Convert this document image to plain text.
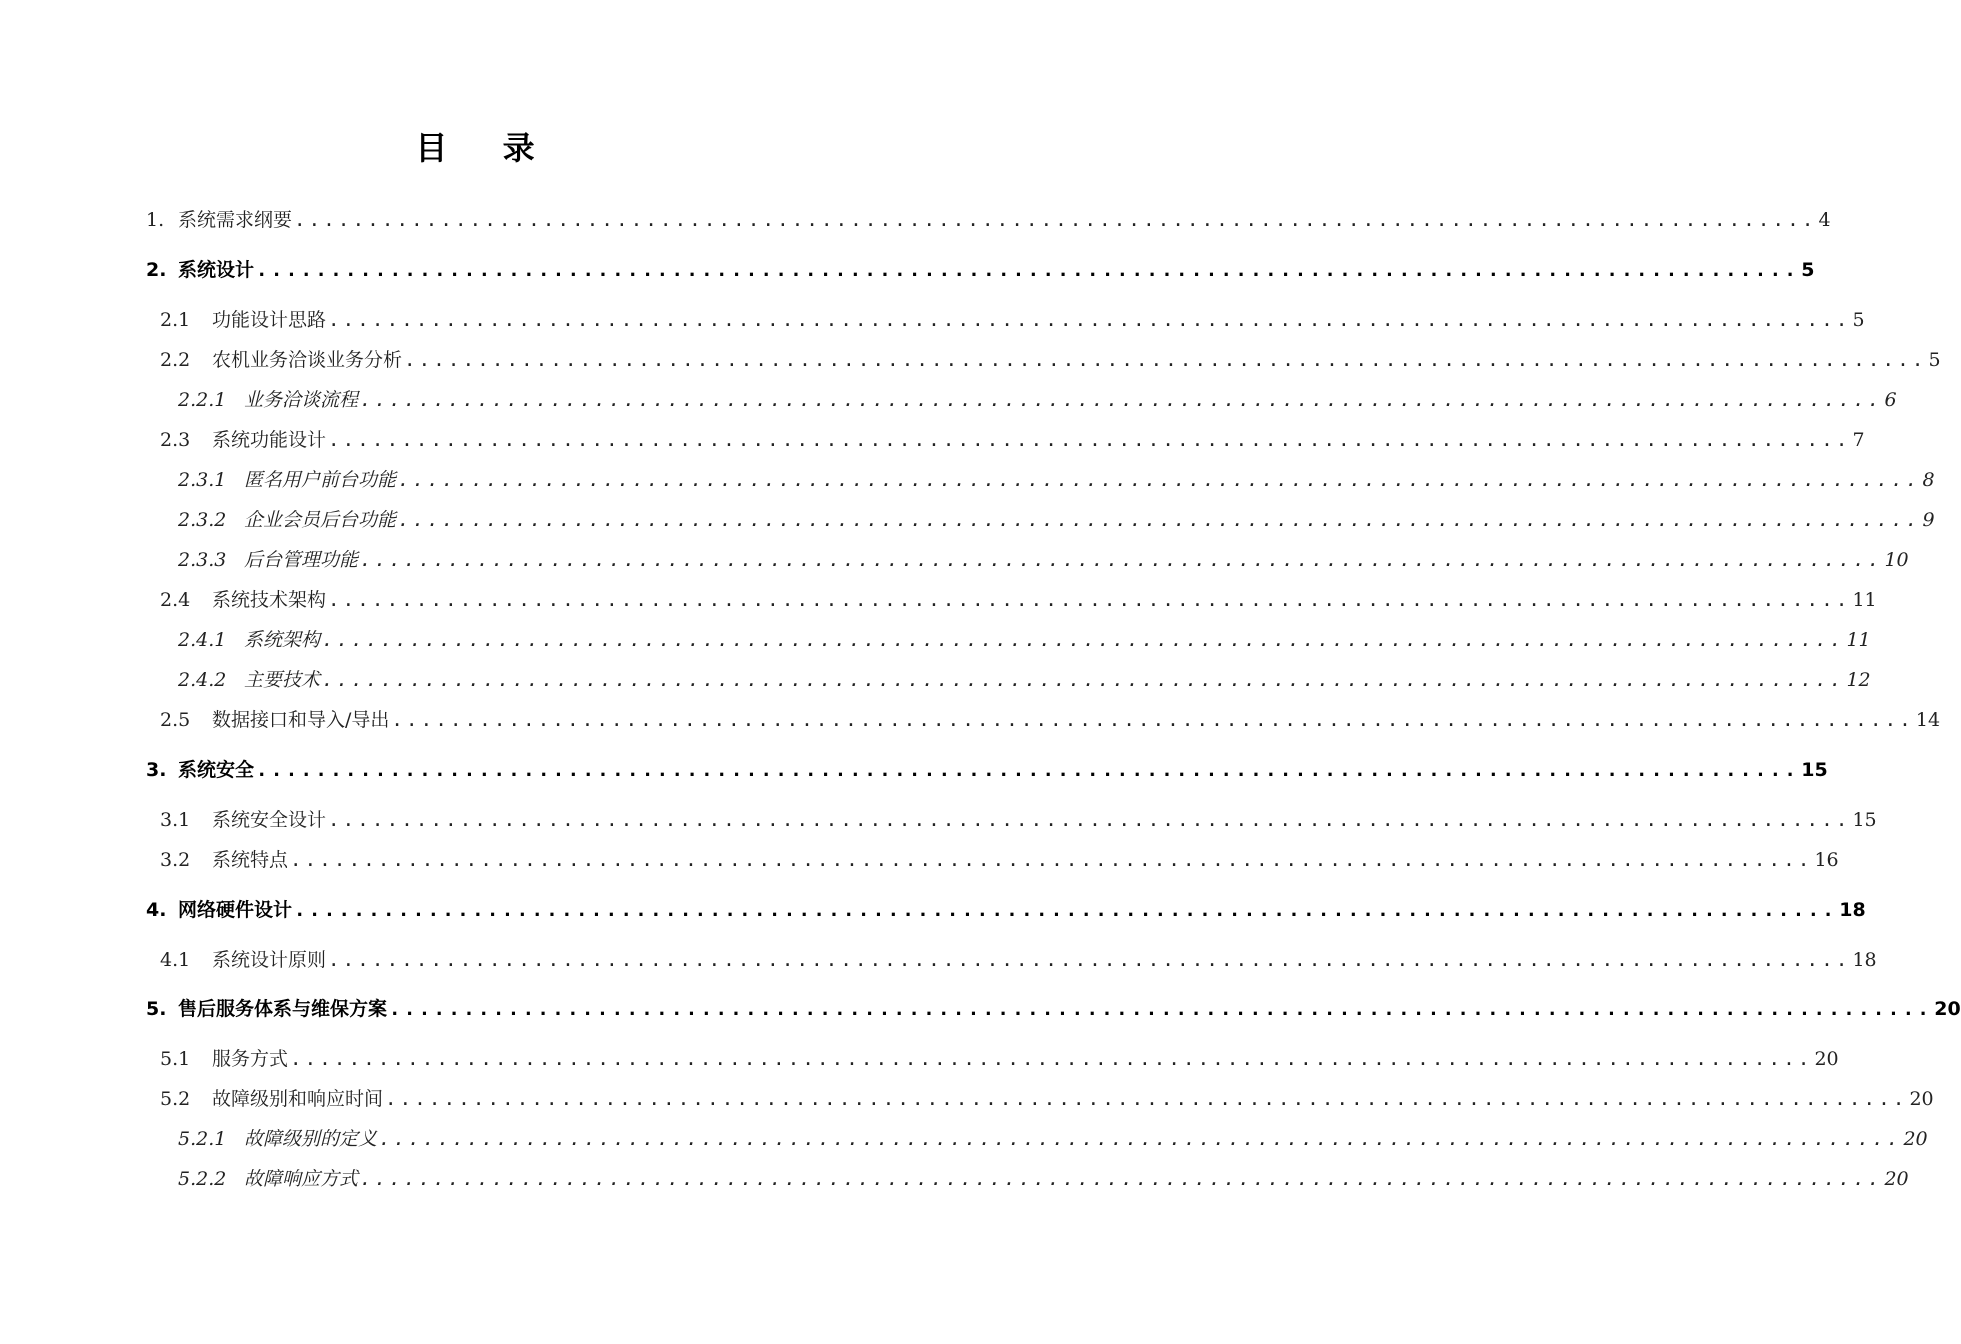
目 录
1. 系统需求纲要 ........................................................................................................ 4
2. 系统设计 ........................................................................................................ 5
2.1	功能设计思路 ........................................................................................................ 5
2.2	农机业务洽谈业务分析 ........................................................................................................ 5
2.2.1 业务洽谈流程 ........................................................................................................ 6
2.3	系统功能设计 ........................................................................................................ 7
2.3.1 匿名用户前台功能 ........................................................................................................ 8
2.3.2 企业会员后台功能 ........................................................................................................ 9
2.3.3 后台管理功能 ........................................................................................................ 10
2.4	系统技术架构 ........................................................................................................ 11
2.4.1 系统架构 ........................................................................................................ 11
2.4.2 主要技术 ........................................................................................................ 12
2.5	数据接口和导入/导出 ........................................................................................................ 14
3. 系统安全 ........................................................................................................ 15
3.1	系统安全设计 ........................................................................................................ 15
3.2	系统特点 ........................................................................................................ 16
4. 网络硬件设计 ........................................................................................................ 18
4.1	系统设计原则 ........................................................................................................ 18
5. 售后服务体系与维保方案 ........................................................................................................ 20
5.1	服务方式 ........................................................................................................ 20
5.2	故障级别和响应时间 ........................................................................................................ 20
5.2.1 故障级别的定义 ........................................................................................................ 20
5.2.2 故障响应方式 ........................................................................................................ 20
